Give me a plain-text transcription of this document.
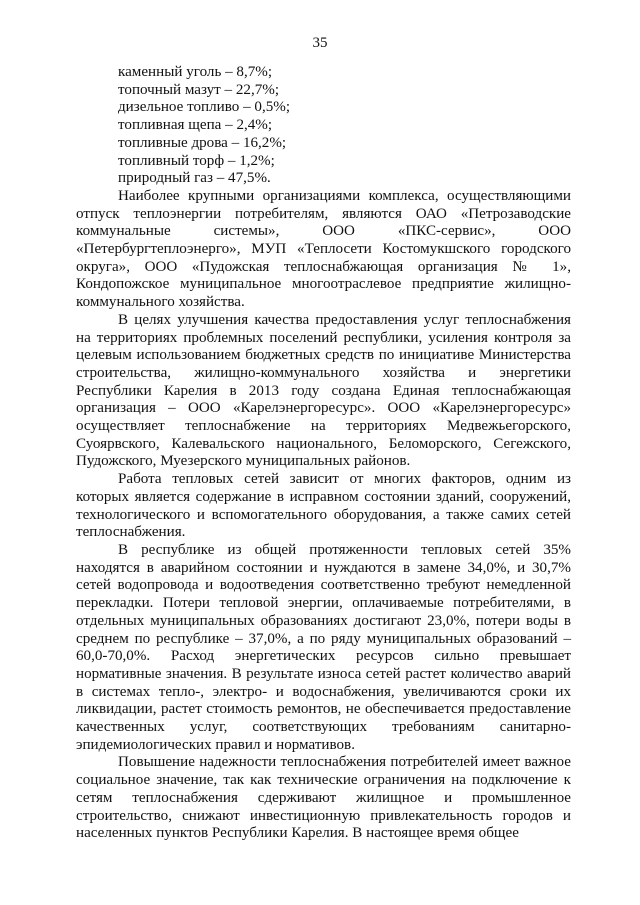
35
каменный уголь – 8,7%;
топочный мазут – 22,7%;
дизельное топливо – 0,5%;
топливная щепа – 2,4%;
топливные дрова – 16,2%;
топливный торф – 1,2%;
природный газ – 47,5%.

Наиболее крупными организациями комплекса, осуществляющими отпуск теплоэнергии потребителям, являются ОАО «Петрозаводские коммунальные системы», ООО «ПКС-сервис», ООО «Петербургтеплоэнерго», МУП «Теплосети Костомукшского городского округа», ООО «Пудожская теплоснабжающая организация № 1», Кондопожское муниципальное многоотраслевое предприятие жилищно-коммунального хозяйства.

В целях улучшения качества предоставления услуг теплоснабжения на территориях проблемных поселений республики, усиления контроля за целевым использованием бюджетных средств по инициативе Министерства строительства, жилищно-коммунального хозяйства и энергетики Республики Карелия в 2013 году создана Единая теплоснабжающая организация – ООО «Карелэнергоресурс». ООО «Карелэнергоресурс» осуществляет теплоснабжение на территориях Медвежьегорского, Суоярвского, Калевальского национального, Беломорского, Сегежского, Пудожского, Муезерского муниципальных районов.

Работа тепловых сетей зависит от многих факторов, одним из которых является содержание в исправном состоянии зданий, сооружений, технологического и вспомогательного оборудования, а также самих сетей теплоснабжения.

В республике из общей протяженности тепловых сетей 35% находятся в аварийном состоянии и нуждаются в замене 34,0%, и 30,7% сетей водопровода и водоотведения соответственно требуют немедленной перекладки. Потери тепловой энергии, оплачиваемые потребителями, в отдельных муниципальных образованиях достигают 23,0%, потери воды в среднем по республике – 37,0%, а по ряду муниципальных образований – 60,0-70,0%. Расход энергетических ресурсов сильно превышает нормативные значения. В результате износа сетей растет количество аварий в системах тепло-, электро- и водоснабжения, увеличиваются сроки их ликвидации, растет стоимость ремонтов, не обеспечивается предоставление качественных услуг, соответствующих требованиям санитарно-эпидемиологических правил и нормативов.

Повышение надежности теплоснабжения потребителей имеет важное социальное значение, так как технические ограничения на подключение к сетям теплоснабжения сдерживают жилищное и промышленное строительство, снижают инвестиционную привлекательность городов и населенных пунктов Республики Карелия. В настоящее время общее
